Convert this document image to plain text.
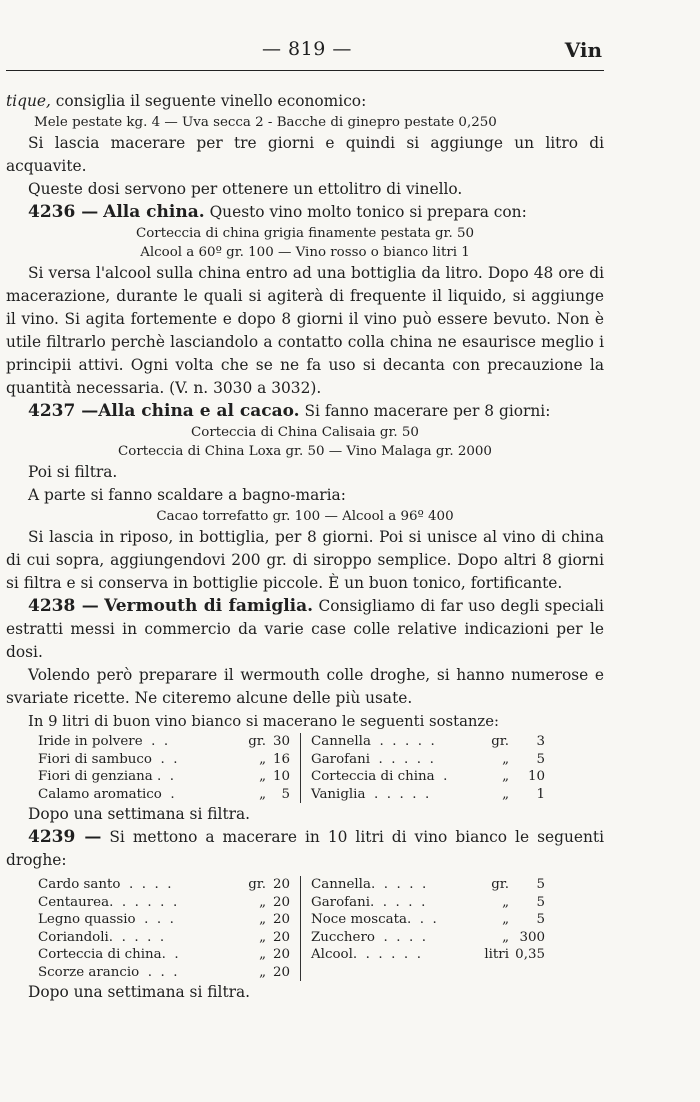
— 819 —	Vin

tique, consiglia il seguente vinello economico:

Mele pestate kg. 4 — Uva secca 2 - Bacche di ginepro pestate 0,250

Si lascia macerare per tre giorni e quindi si aggiunge un litro di acquavite.

Queste dosi servono per ottenere un ettolitro di vinello.

4236 — Alla china. Questo vino molto tonico si prepara con:

Corteccia di china grigia finamente pestata gr. 50

Alcool a 60º gr. 100 — Vino rosso o bianco litri 1

Si versa l'alcool sulla china entro ad una bottiglia da litro. Dopo 48 ore di macerazione, durante le quali si agiterà di frequente il liquido, si aggiunge il vino. Si agita fortemente e dopo 8 giorni il vino può essere bevuto. Non è utile filtrarlo perchè lasciandolo a contatto colla china ne esaurisce meglio i principii attivi. Ogni volta che se ne fa uso si decanta con precauzione la quantità necessaria. (V. n. 3030 a 3032).

4237 —Alla china e al cacao. Si fanno macerare per 8 giorni:

Corteccia di China Calisaia gr. 50

Corteccia di China Loxa gr. 50 — Vino Malaga gr. 2000

Poi si filtra.

A parte si fanno scaldare a bagno-maria:

Cacao torrefatto gr. 100 — Alcool a 96º 400

Si lascia in riposo, in bottiglia, per 8 giorni. Poi si unisce al vino di china di cui sopra, aggiungendovi 200 gr. di siroppo semplice. Dopo altri 8 giorni si filtra e si conserva in bottiglie piccole. È un buon tonico, fortificante.

4238 — Vermouth di famiglia. Consigliamo di far uso degli speciali estratti messi in commercio da varie case colle relative indicazioni per le dosi.

Volendo però preparare il wermouth colle droghe, si hanno numerose e svariate ricette. Ne citeremo alcune delle più usate.

In 9 litri di buon vino bianco si macerano le seguenti sostanze:

Iride in polvere  .  .	gr.	30		Cannella  .  .  .  .  .	gr.	3
Fiori di sambuco  .  .	„	16		Garofani  .  .  .  .  .	„	5
Fiori di genziana .  .	„	10		Corteccia di china  .	„	10
Calamo aromatico  .	„	5		Vaniglia  .  .  .  .  .	„	1

Dopo una settimana si filtra.

4239 — Si mettono a macerare in 10 litri di vino bianco le seguenti droghe:

Cardo santo  .  .  .  .	gr.	20		Cannella.  .  .  .  .	gr.	5
Centaurea.  .  .  .  .  .	„	20		Garofani.  .  .  .  .	„	5
Legno quassio  .  .  .	„	20		Noce moscata.  .  .	„	5
Coriandoli.  .  .  .  .	„	20		Zucchero  .  .  .  .	„	300
Corteccia di china.  .	„	20		Alcool.  .  .  .  .  .	litri	0,35
Scorze arancio  .  .  .	„	20				

Dopo una settimana si filtra.
